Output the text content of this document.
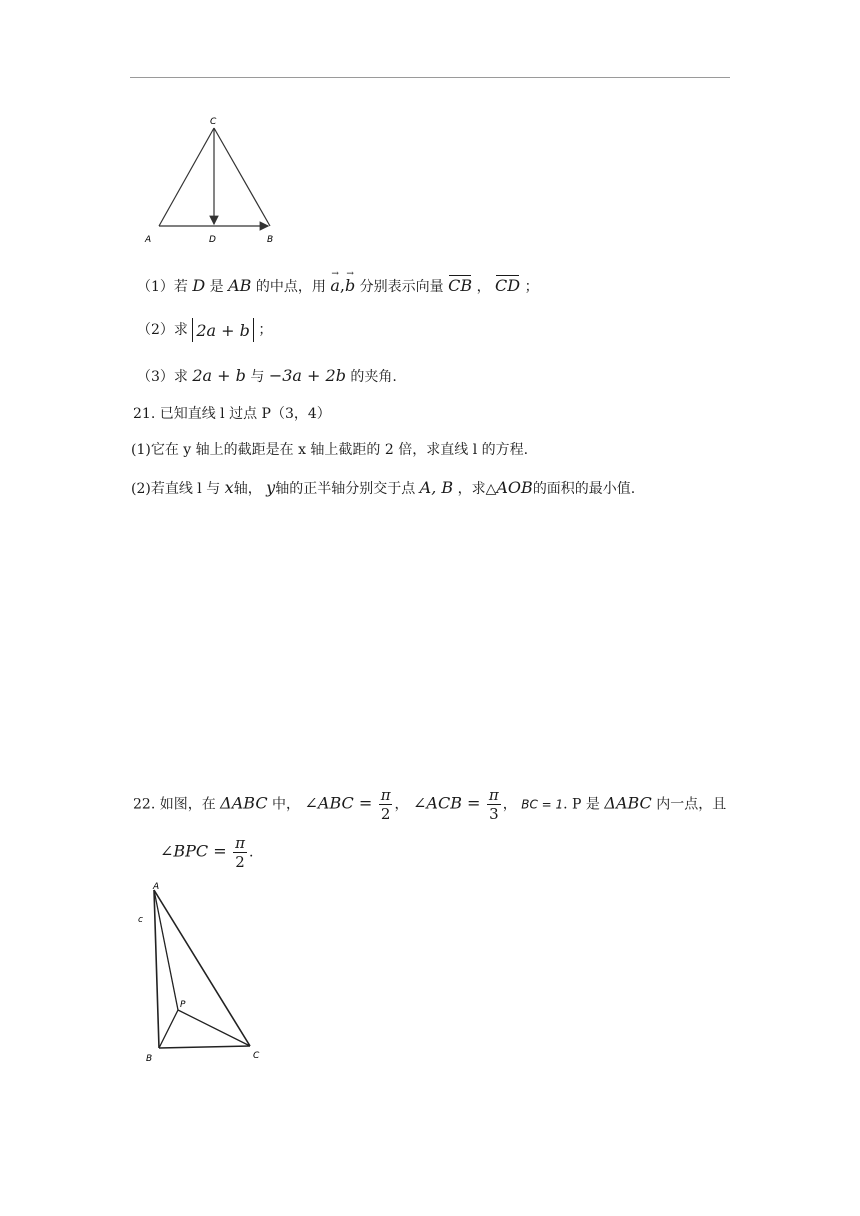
C
A	D	B
（1）若 D 是 AB 的中点，用 a →,b → 分别表示向量 CB ， CD ；
（2）求 2a + b ；
（3）求 2a + b 与 −3a + 2b 的夹角.
21. 已知直线 l 过点 P（3，4）
(1)它在 y 轴上的截距是在 x 轴上截距的 2 倍，求直线 l 的方程.
(2)若直线 l 与 x轴， y轴的正半轴分别交于点 A, B ，求△AOB的面积的最小值.
22. 如图，在 ΔABC 中， ∠ABC = $\frac{\pi}{2}$ ， ∠ACB = $\frac{\pi}{3}$ ， BC = 1. P 是 ΔABC 内一点，且
∠BPC = $\frac{\pi}{2}$ .
A
c
P
B	C
